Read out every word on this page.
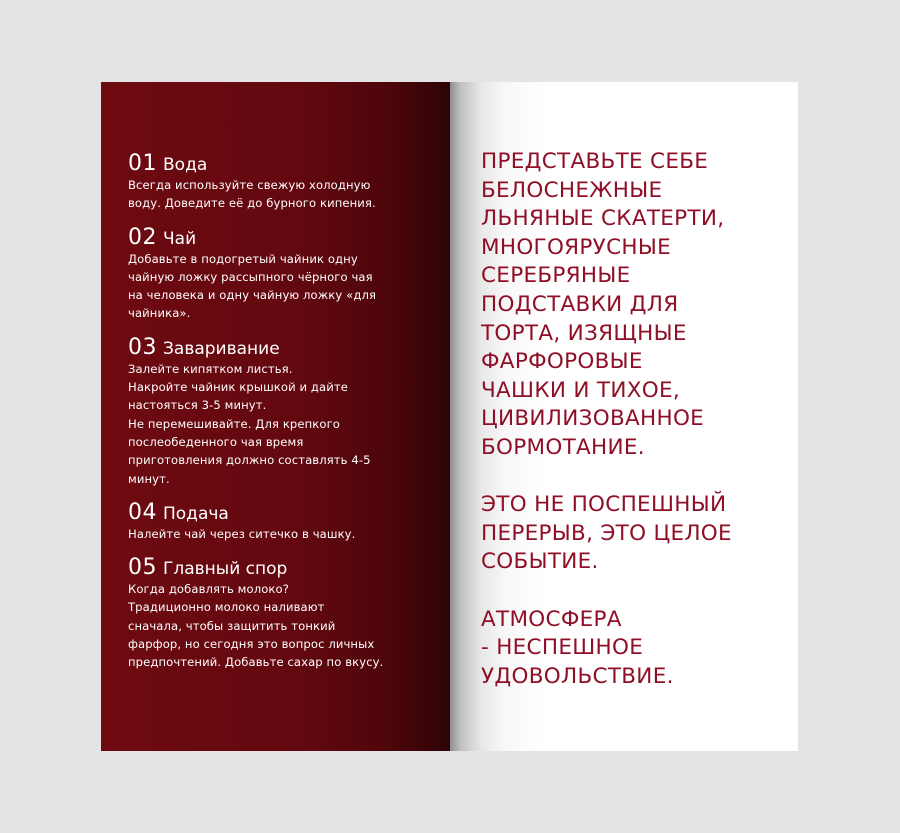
01 Вода
Всегда используйте свежую холодную
воду. Доведите её до бурного кипения.
02 Чай
Добавьте в подогретый чайник одну
чайную ложку рассыпного чёрного чая
на человека и одну чайную ложку «для
чайника».
03 Заваривание
Залейте кипятком листья.
Накройте чайник крышкой и дайте
настояться 3-5 минут.
Не перемешивайте. Для крепкого
послеобеденного чая время
приготовления должно составлять 4-5
минут.
04 Подача
Налейте чай через ситечко в чашку.
05 Главный спор
Когда добавлять молоко?
Традиционно молоко наливают
сначала, чтобы защитить тонкий
фарфор, но сегодня это вопрос личных
предпочтений. Добавьте сахар по вкусу.

ПРЕДСТАВЬТЕ СЕБЕ
БЕЛОСНЕЖНЫЕ
ЛЬНЯНЫЕ СКАТЕРТИ,
МНОГОЯРУСНЫЕ
СЕРЕБРЯНЫЕ
ПОДСТАВКИ ДЛЯ
ТОРТА, ИЗЯЩНЫЕ
ФАРФОРОВЫЕ
ЧАШКИ И ТИХОЕ,
ЦИВИЛИЗОВАННОЕ
БОРМОТАНИЕ.

ЭТО НЕ ПОСПЕШНЫЙ
ПЕРЕРЫВ, ЭТО ЦЕЛОЕ
СОБЫТИЕ.

АТМОСФЕРА
- НЕСПЕШНОЕ
УДОВОЛЬСТВИЕ.
